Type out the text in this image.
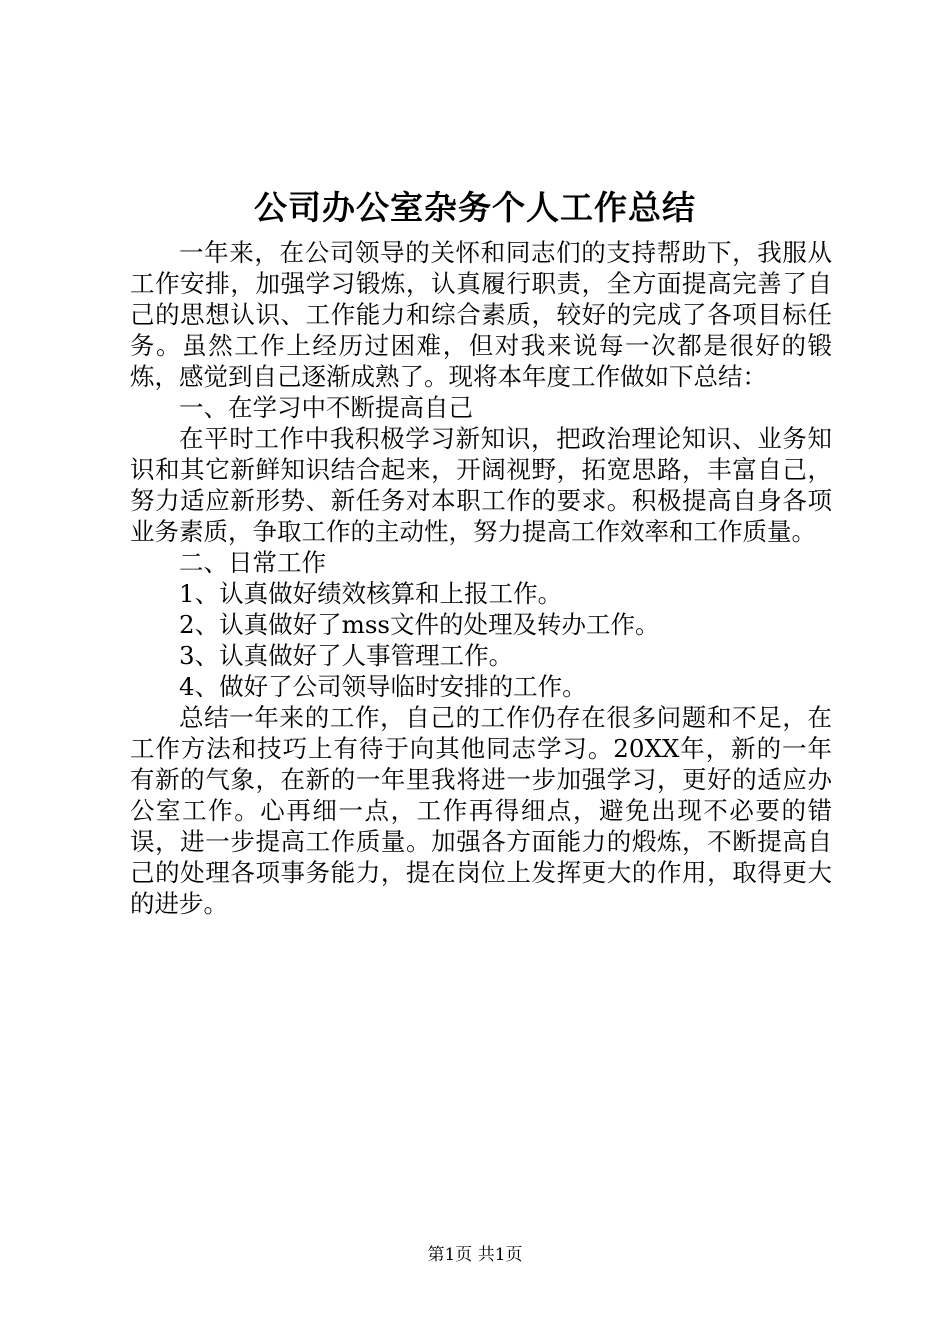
公司办公室杂务个人工作总结

一年来，在公司领导的关怀和同志们的支持帮助下，我服从工作安排，加强学习锻炼，认真履行职责，全方面提高完善了自己的思想认识、工作能力和综合素质，较好的完成了各项目标任务。虽然工作上经历过困难，但对我来说每一次都是很好的锻炼，感觉到自己逐渐成熟了。现将本年度工作做如下总结：

一、在学习中不断提高自己

在平时工作中我积极学习新知识，把政治理论知识、业务知识和其它新鲜知识结合起来，开阔视野，拓宽思路，丰富自己，努力适应新形势、新任务对本职工作的要求。积极提高自身各项业务素质，争取工作的主动性，努力提高工作效率和工作质量。

二、日常工作

1、认真做好绩效核算和上报工作。

2、认真做好了mss文件的处理及转办工作。

3、认真做好了人事管理工作。

4、做好了公司领导临时安排的工作。

总结一年来的工作，自己的工作仍存在很多问题和不足，在工作方法和技巧上有待于向其他同志学习。20XX年，新的一年有新的气象，在新的一年里我将进一步加强学习，更好的适应办公室工作。心再细一点，工作再得细点，避免出现不必要的错误，进一步提高工作质量。加强各方面能力的煅炼，不断提高自己的处理各项事务能力，提在岗位上发挥更大的作用，取得更大的进步。

第1页 共1页
